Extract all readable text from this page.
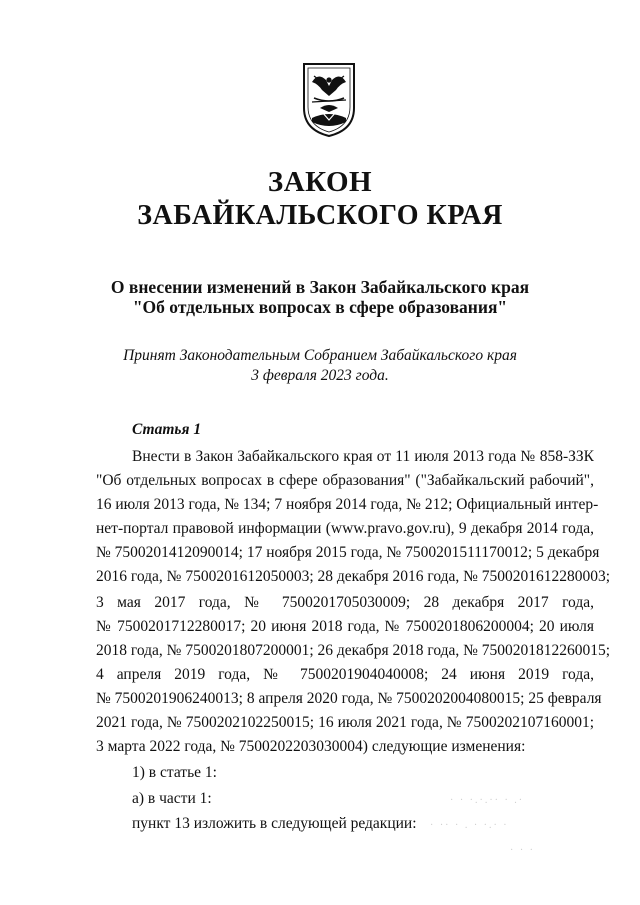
ЗАКОН
ЗАБАЙКАЛЬСКОГО КРАЯ
О внесении изменений в Закон Забайкальского края
"Об отдельных вопросах в сфере образования"
Принят Законодательным Собранием Забайкальского края
3 февраля 2023 года.
Статья 1
Внести в Закон Забайкальского края от 11 июля 2013 года № 858-ЗЗК
"Об отдельных вопросах в сфере образования" ("Забайкальский рабочий",
16 июля 2013 года, № 134; 7 ноября 2014 года, № 212; Официальный интер-
нет-портал правовой информации (www.pravo.gov.ru), 9 декабря 2014 года,
№ 7500201412090014; 17 ноября 2015 года, № 7500201511170012; 5 декабря
2016 года, № 7500201612050003; 28 декабря 2016 года, № 7500201612280003;
3 мая 2017 года, № 7500201705030009; 28 декабря 2017 года,
№ 7500201712280017; 20 июня 2018 года, № 7500201806200004; 20 июля
2018 года, № 7500201807200001; 26 декабря 2018 года, № 7500201812260015;
4 апреля 2019 года, № 7500201904040008; 24 июня 2019 года,
№ 7500201906240013; 8 апреля 2020 года, № 7500202004080015; 25 февраля
2021 года, № 7500202102250015; 16 июля 2021 года, № 7500202107160001;
3 марта 2022 года, № 7500202203030004) следующие изменения:
1) в статье 1:
а) в части 1:
пункт 13 изложить в следующей редакции:
· · ·.·.·· · .·
· ·· · . · ·.· ·
· · ·
